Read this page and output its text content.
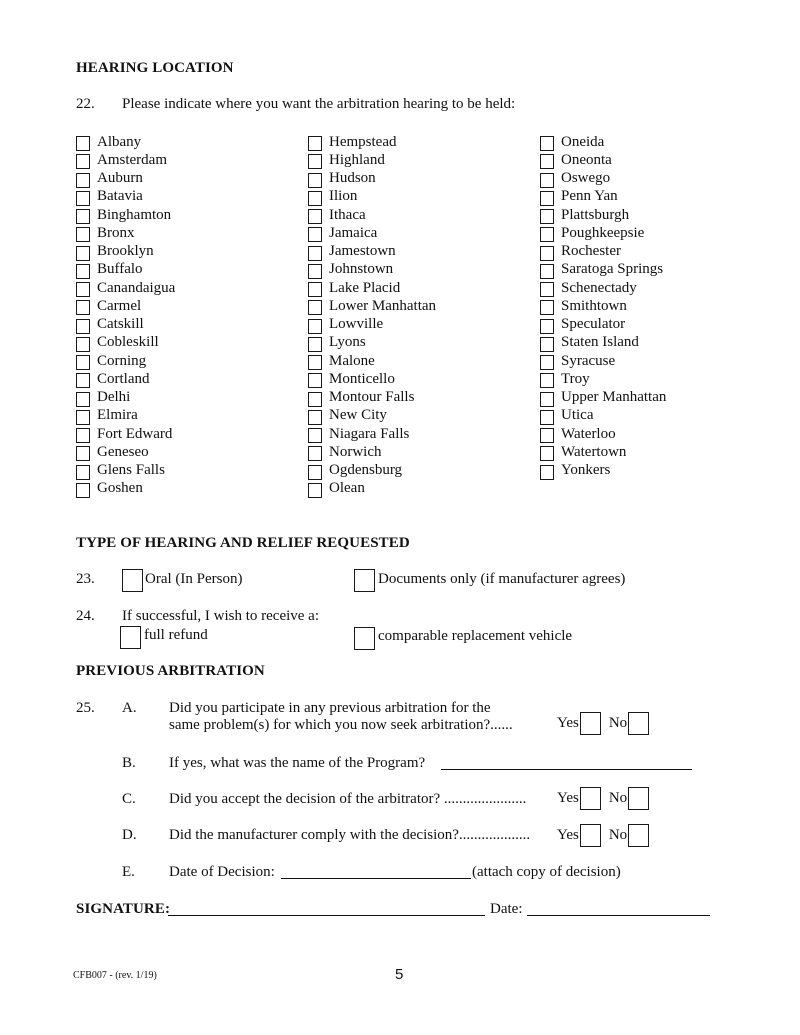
HEARING LOCATION
22. Please indicate where you want the arbitration hearing to be held:
Albany
Amsterdam
Auburn
Batavia
Binghamton
Bronx
Brooklyn
Buffalo
Canandaigua
Carmel
Catskill
Cobleskill
Corning
Cortland
Delhi
Elmira
Fort Edward
Geneseo
Glens Falls
Goshen
Hempstead
Highland
Hudson
Ilion
Ithaca
Jamaica
Jamestown
Johnstown
Lake Placid
Lower Manhattan
Lowville
Lyons
Malone
Monticello
Montour Falls
New City
Niagara Falls
Norwich
Ogdensburg
Olean
Oneida
Oneonta
Oswego
Penn Yan
Plattsburgh
Poughkeepsie
Rochester
Saratoga Springs
Schenectady
Smithtown
Speculator
Staten Island
Syracuse
Troy
Upper Manhattan
Utica
Waterloo
Watertown
Yonkers
TYPE OF HEARING AND RELIEF REQUESTED
23.	Oral (In Person)	Documents only (if manufacturer agrees)
24. If successful, I wish to receive a:
full refund	comparable replacement vehicle
PREVIOUS ARBITRATION
25. A. Did you participate in any previous arbitration for the
same problem(s) for which you now seek arbitration?......	Yes No
B. If yes, what was the name of the Program?
C. Did you accept the decision of the arbitrator? ...................... Yes No
D. Did the manufacturer comply with the decision?................... Yes No
E. Date of Decision:	(attach copy of decision)
SIGNATURE:	Date:
CFB007 - (rev. 1/19)	5
